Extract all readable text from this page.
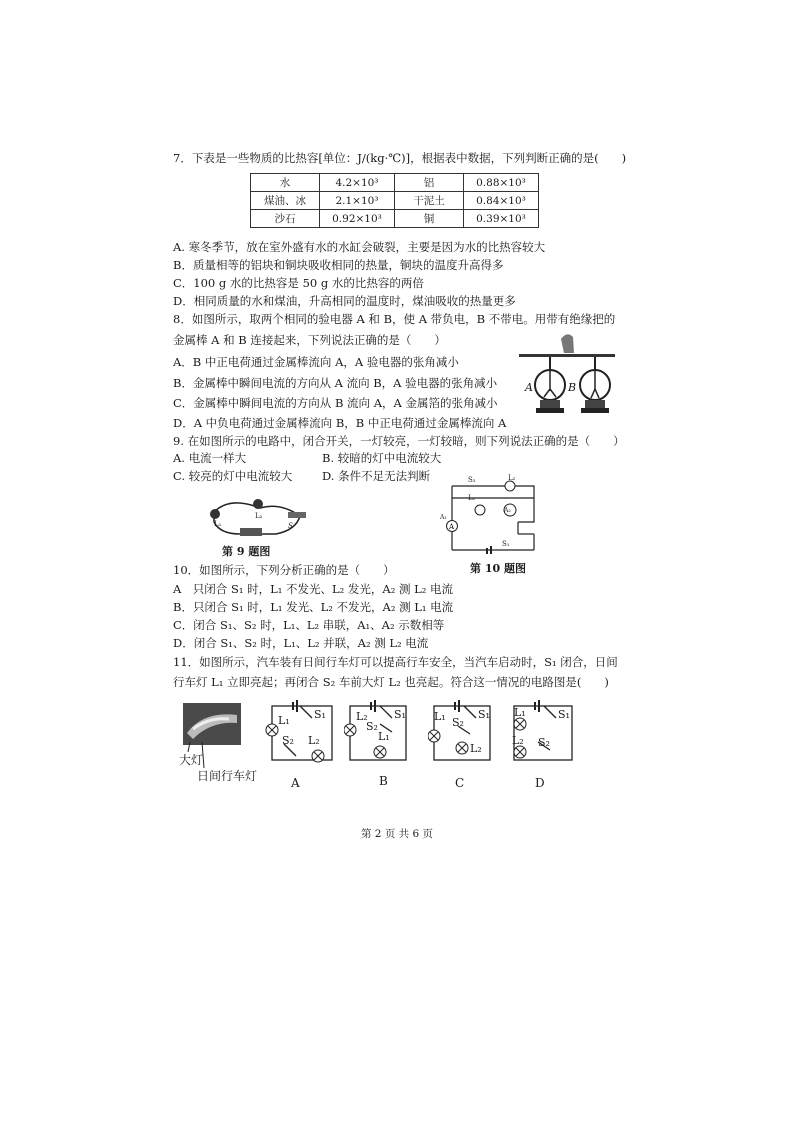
7．下表是一些物质的比热容[单位：J/(kg·℃)]，根据表中数据，下列判断正确的是(　　)
水	4.2×10³	铝	0.88×10³
煤油、冰	2.1×10³	干泥土	0.84×10³
沙石	0.92×10³	铜	0.39×10³
A. 寒冬季节，放在室外盛有水的水缸会破裂，主要是因为水的比热容较大
B．质量相等的铝块和铜块吸收相同的热量，铜块的温度升高得多
C．100 g 水的比热容是 50 g 水的比热容的两倍
D．相同质量的水和煤油，升高相同的温度时，煤油吸收的热量更多
8．如图所示，取两个相同的验电器 A 和 B，使 A 带负电，B 不带电。用带有绝缘把的
金属棒 A 和 B 连接起来，下列说法正确的是（　　）
A．B 中正电荷通过金属棒流向 A，A 验电器的张角减小
B．金属棒中瞬间电流的方向从 A 流向 B，A 验电器的张角减小
C．金属棒中瞬间电流的方向从 B 流向 A，A 金属箔的张角减小
D．A 中负电荷通过金属棒流向 B，B 中正电荷通过金属棒流向 A
A	B
9. 在如图所示的电路中，闭合开关，一灯较亮，一灯较暗，则下列说法正确的是（　　）
A. 电流一样大	B. 较暗的灯中电流较大
C. 较亮的灯中电流较大	D. 条件不足无法判断
L₁
L₂
S
第 9 题图
A
S₂	L₂
L₁
A₂
A₁
S₁
第 10 题图
10．如图所示，下列分析正确的是（　　）
A　只闭合 S₁ 时，L₁ 不发光、L₂ 发光，A₂ 测 L₂ 电流
B．只闭合 S₁ 时，L₁ 发光、L₂ 不发光，A₂ 测 L₁ 电流
C．闭合 S₁、S₂ 时，L₁、L₂ 串联，A₁、A₂ 示数相等
D．闭合 S₁、S₂ 时，L₁、L₂ 并联，A₂ 测 L₂ 电流
11．如图所示，汽车装有日间行车灯可以提高行车安全，当汽车启动时，S₁ 闭合，日间
行车灯 L₁ 立即亮起；再闭合 S₂ 车前大灯 L₂ 也亮起。符合这一情况的电路图是(　　)
大灯
日间行车灯
L₁
L₂
S₁
S₂
L₂
L₁
S₁
S₂
L₁
L₂
S₁
S₂
L₁
L₂
S₁
S₂
A	B	C	D
第 2 页 共 6 页
